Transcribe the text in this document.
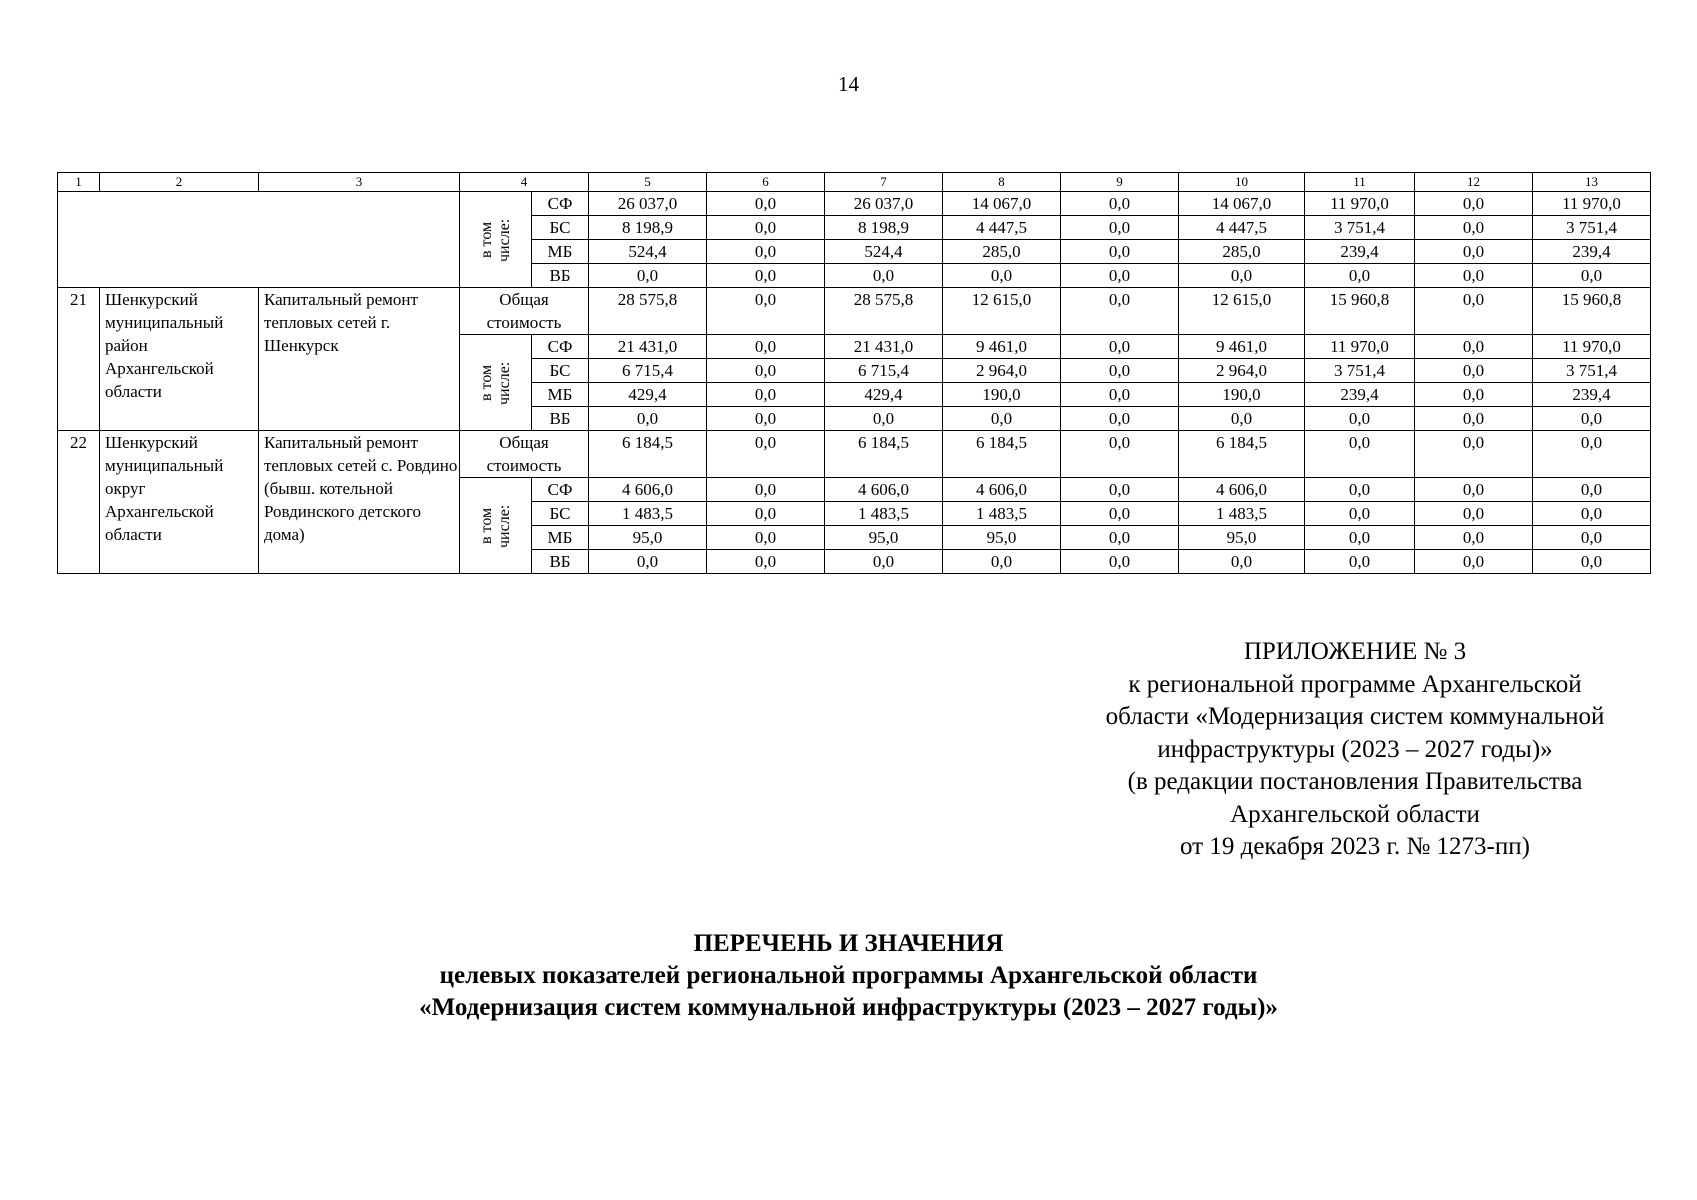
14
1	2	3	4		5	6	7	8	9	10	11	12	13

			в том числе:	СФ	26 037,0	0,0	26 037,0	14 067,0	0,0	14 067,0	11 970,0	0,0	11 970,0
				БС	8 198,9	0,0	8 198,9	4 447,5	0,0	4 447,5	3 751,4	0,0	3 751,4
				МБ	524,4	0,0	524,4	285,0	0,0	285,0	239,4	0,0	239,4
				ВБ	0,0	0,0	0,0	0,0	0,0	0,0	0,0	0,0	0,0
21	Шенкурский муниципальный район Архангельской области	Капитальный ремонт тепловых сетей г. Шенкурск	Общая стоимость		28 575,8	0,0	28 575,8	12 615,0	0,0	12 615,0	15 960,8	0,0	15 960,8

			в том числе:	СФ	21 431,0	0,0	21 431,0	9 461,0	0,0	9 461,0	11 970,0	0,0	11 970,0
				БС	6 715,4	0,0	6 715,4	2 964,0	0,0	2 964,0	3 751,4	0,0	3 751,4
				МБ	429,4	0,0	429,4	190,0	0,0	190,0	239,4	0,0	239,4
				ВБ	0,0	0,0	0,0	0,0	0,0	0,0	0,0	0,0	0,0
22	Шенкурский муниципальный округ Архангельской области	Капитальный ремонт тепловых сетей с. Ровдино (бывш. котельной Ровдинского детского дома)	Общая стоимость		6 184,5	0,0	6 184,5	6 184,5	0,0	6 184,5	0,0	0,0	0,0

			в том числе:	СФ	4 606,0	0,0	4 606,0	4 606,0	0,0	4 606,0	0,0	0,0	0,0
				БС	1 483,5	0,0	1 483,5	1 483,5	0,0	1 483,5	0,0	0,0	0,0
				МБ	95,0	0,0	95,0	95,0	0,0	95,0	0,0	0,0	0,0
				ВБ	0,0	0,0	0,0	0,0	0,0	0,0	0,0	0,0	0,0
ПРИЛОЖЕНИЕ № 3
к региональной программе Архангельской
области «Модернизация систем коммунальной
инфраструктуры (2023 – 2027 годы)»
(в редакции постановления Правительства
Архангельской области
от 19 декабря 2023 г. № 1273-пп)
ПЕРЕЧЕНЬ И ЗНАЧЕНИЯ
целевых показателей региональной программы Архангельской области
«Модернизация систем коммунальной инфраструктуры (2023 – 2027 годы)»
